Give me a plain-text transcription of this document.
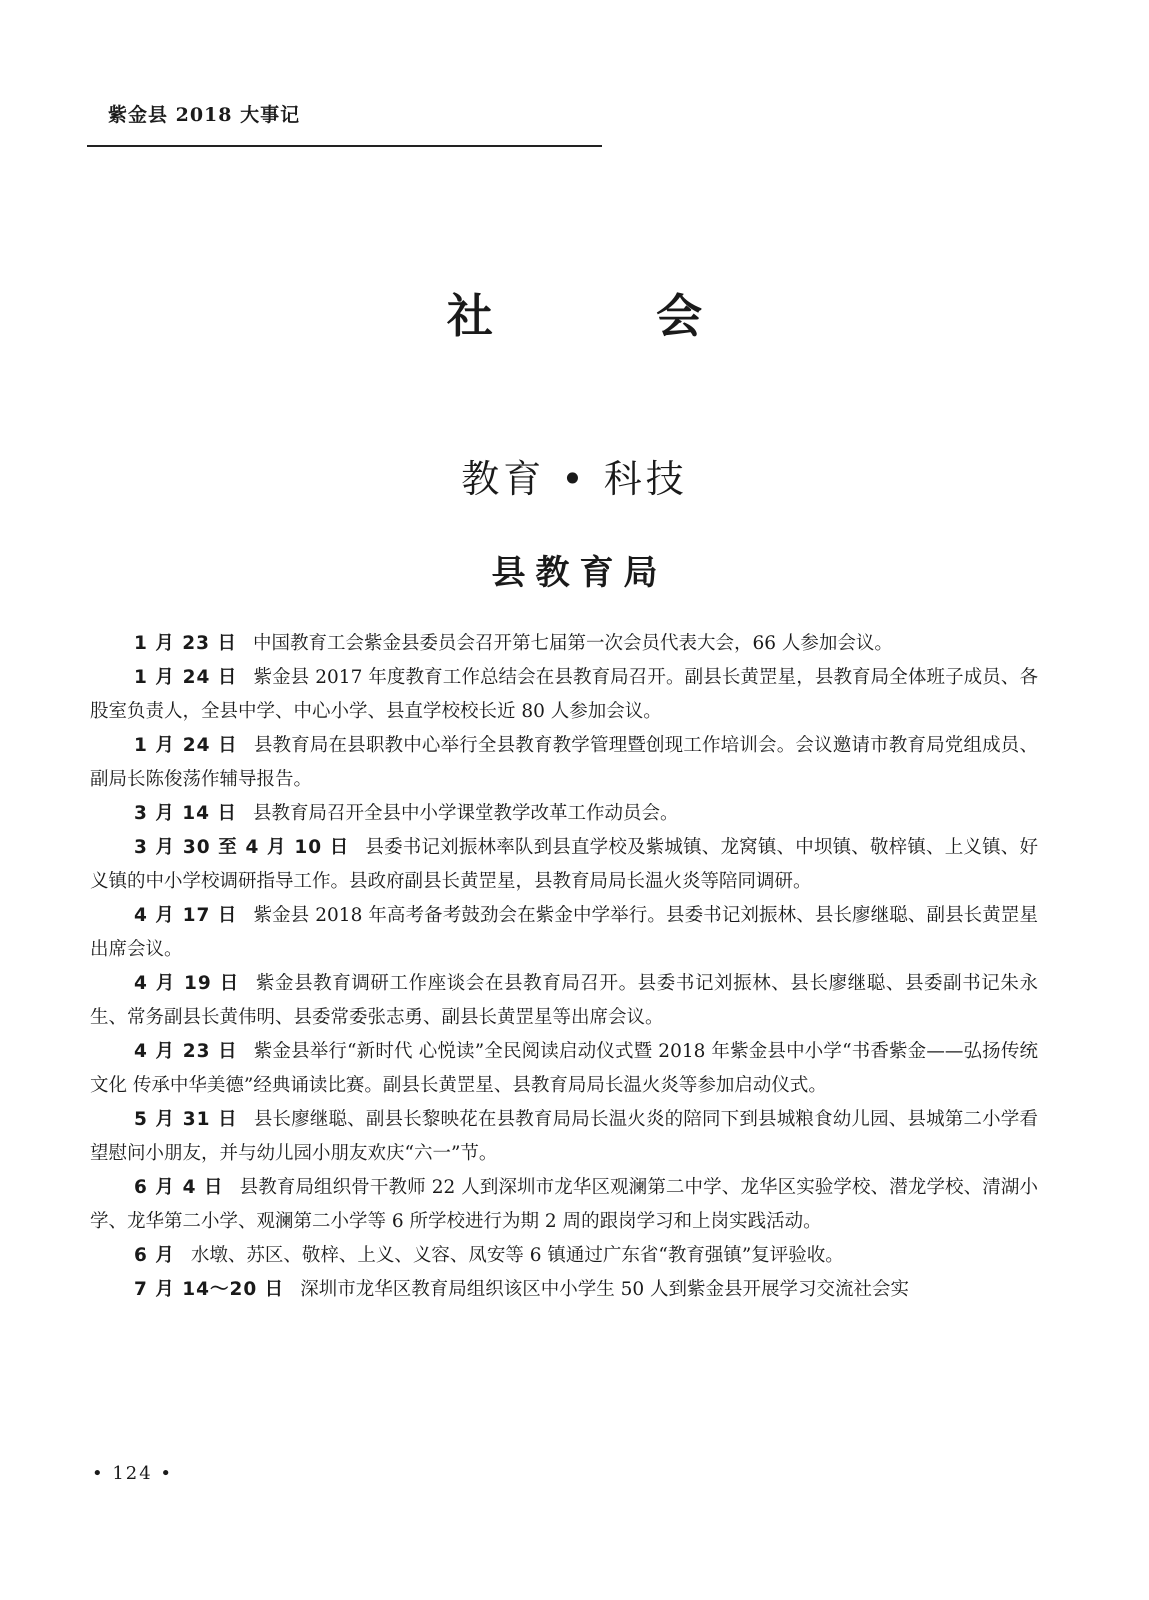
紫金县 2018 大事记
社 会
教育 • 科技
县教育局

1 月 23 日 中国教育工会紫金县委员会召开第七届第一次会员代表大会，66 人参加会议。

1 月 24 日 紫金县 2017 年度教育工作总结会在县教育局召开。副县长黄罡星，县教育局全体班子成员、各股室负责人，全县中学、中心小学、县直学校校长近 80 人参加会议。

1 月 24 日 县教育局在县职教中心举行全县教育教学管理暨创现工作培训会。会议邀请市教育局党组成员、副局长陈俊荡作辅导报告。

3 月 14 日 县教育局召开全县中小学课堂教学改革工作动员会。

3 月 30 至 4 月 10 日 县委书记刘振林率队到县直学校及紫城镇、龙窝镇、中坝镇、敬梓镇、上义镇、好义镇的中小学校调研指导工作。县政府副县长黄罡星，县教育局局长温火炎等陪同调研。

4 月 17 日 紫金县 2018 年高考备考鼓劲会在紫金中学举行。县委书记刘振林、县长廖继聪、副县长黄罡星出席会议。

4 月 19 日 紫金县教育调研工作座谈会在县教育局召开。县委书记刘振林、县长廖继聪、县委副书记朱永生、常务副县长黄伟明、县委常委张志勇、副县长黄罡星等出席会议。

4 月 23 日 紫金县举行“新时代 心悦读”全民阅读启动仪式暨 2018 年紫金县中小学“书香紫金——弘扬传统文化 传承中华美德”经典诵读比赛。副县长黄罡星、县教育局局长温火炎等参加启动仪式。

5 月 31 日 县长廖继聪、副县长黎映花在县教育局局长温火炎的陪同下到县城粮食幼儿园、县城第二小学看望慰问小朋友，并与幼儿园小朋友欢庆“六一”节。

6 月 4 日 县教育局组织骨干教师 22 人到深圳市龙华区观澜第二中学、龙华区实验学校、潜龙学校、清湖小学、龙华第二小学、观澜第二小学等 6 所学校进行为期 2 周的跟岗学习和上岗实践活动。

6 月 水墩、苏区、敬梓、上义、义容、凤安等 6 镇通过广东省“教育强镇”复评验收。

7 月 14～20 日 深圳市龙华区教育局组织该区中小学生 50 人到紫金县开展学习交流社会实

• 124 •
